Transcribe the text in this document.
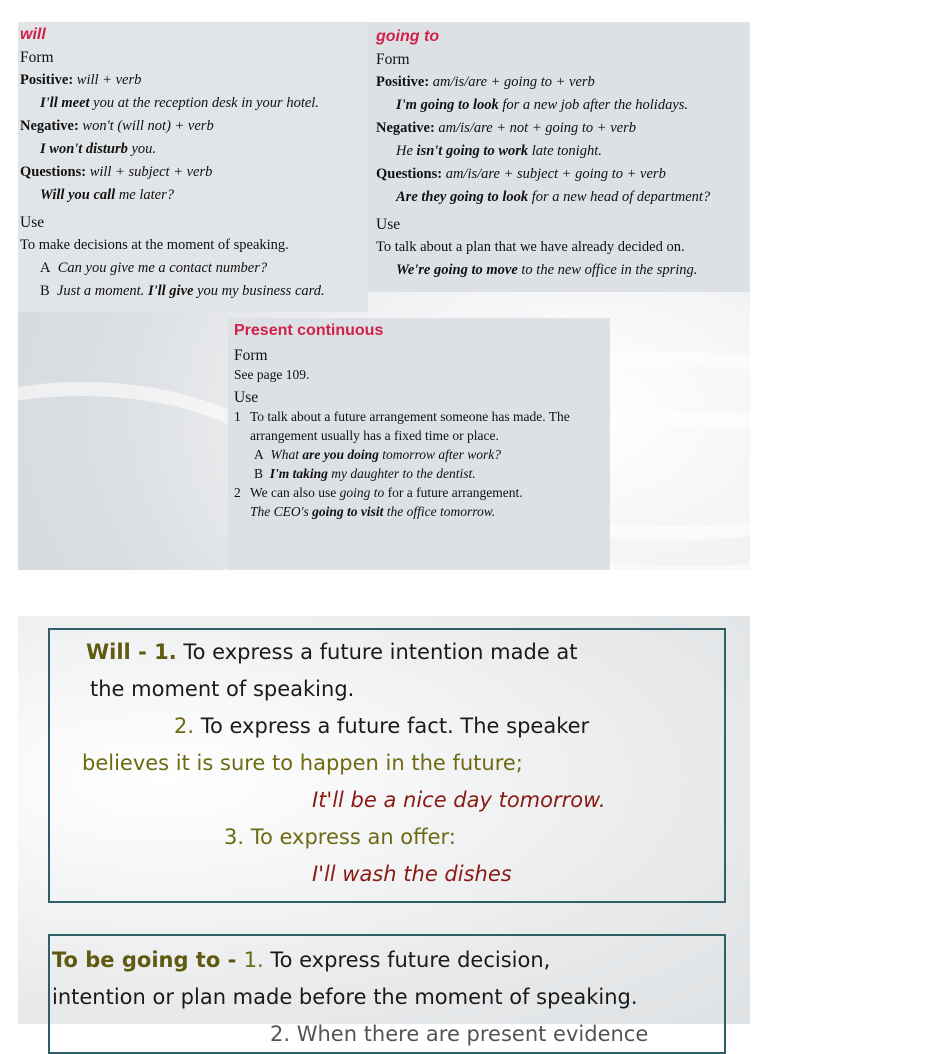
will
Form
Positive: will + verb
I'll meet you at the reception desk in your hotel.
Negative: won't (will not) + verb
I won't disturb you.
Questions: will + subject + verb
Will you call me later?
Use
To make decisions at the moment of speaking.
A Can you give me a contact number?
B Just a moment. I'll give you my business card.
going to
Form
Positive: am/is/are + going to + verb
I'm going to look for a new job after the holidays.
Negative: am/is/are + not + going to + verb
He isn't going to work late tonight.
Questions: am/is/are + subject + going to + verb
Are they going to look for a new head of department?
Use
To talk about a plan that we have already decided on.
We're going to move to the new office in the spring.
Present continuous
Form
See page 109.
Use
1 To talk about a future arrangement someone has made. The arrangement usually has a fixed time or place.
A What are you doing tomorrow after work?
B I'm taking my daughter to the dentist.
2 We can also use going to for a future arrangement.
The CEO's going to visit the office tomorrow.
Will - 1. To express a future intention made at
the moment of speaking.
2. To express a future fact. The speaker
believes it is sure to happen in the future;
It'll be a nice day tomorrow.
3. To express an offer:
I'll wash the dishes
To be going to - 1. To express future decision,
intention or plan made before the moment of speaking.
2. When there are present evidence
